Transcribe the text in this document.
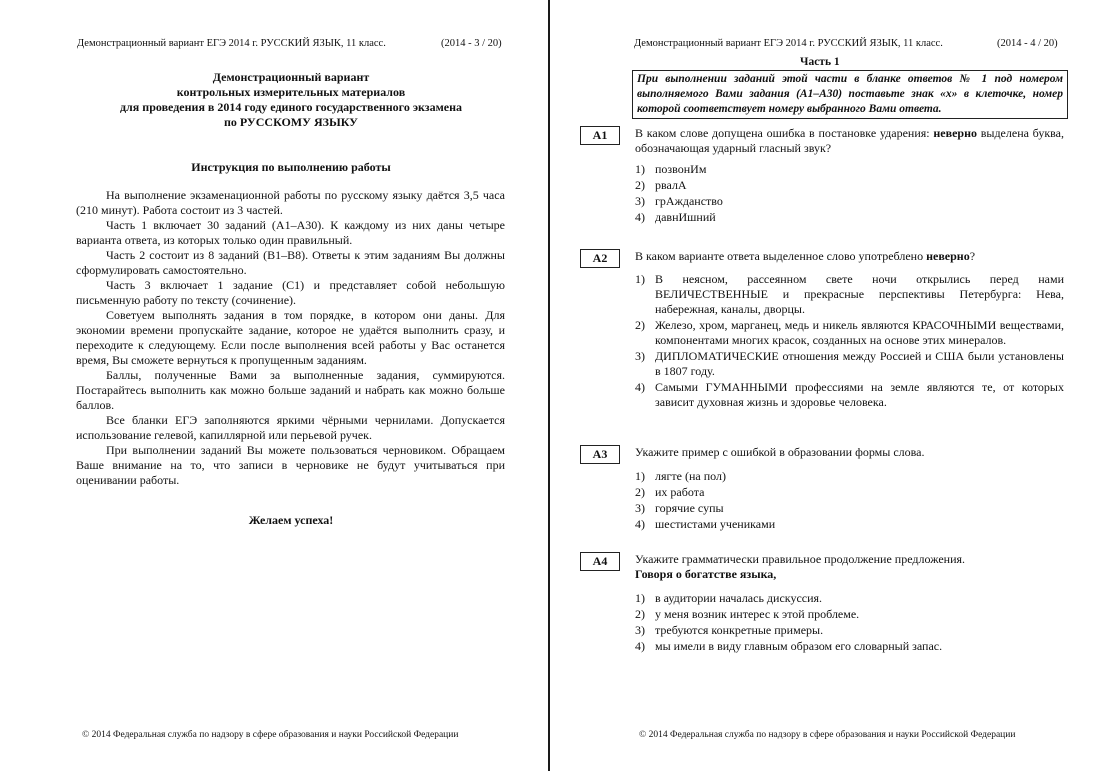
Демонстрационный вариант ЕГЭ 2014 г. РУССКИЙ ЯЗЫК, 11 класс.	(2014 - 3 / 20)
Демонстрационный вариант
контрольных измерительных материалов
для проведения в 2014 году единого государственного экзамена
по РУССКОМУ ЯЗЫКУ
Инструкция по выполнению работы

На выполнение экзаменационной работы по русскому языку даётся 3,5 часа (210 минут). Работа состоит из 3 частей.

Часть 1 включает 30 заданий (А1–А30). К каждому из них даны четыре варианта ответа, из которых только один правильный.

Часть 2 состоит из 8 заданий (В1–В8). Ответы к этим заданиям Вы должны сформулировать самостоятельно.

Часть 3 включает 1 задание (С1) и представляет собой небольшую письменную работу по тексту (сочинение).

Советуем выполнять задания в том порядке, в котором они даны. Для экономии времени пропускайте задание, которое не удаётся выполнить сразу, и переходите к следующему. Если после выполнения всей работы у Вас останется время, Вы сможете вернуться к пропущенным заданиям.

Баллы, полученные Вами за выполненные задания, суммируются. Постарайтесь выполнить как можно больше заданий и набрать как можно больше баллов.

Все бланки ЕГЭ заполняются яркими чёрными чернилами. Допускается использование гелевой, капиллярной или перьевой ручек.

При выполнении заданий Вы можете пользоваться черновиком. Обращаем Ваше внимание на то, что записи в черновике не будут учитываться при оценивании работы.

Желаем успеха!
© 2014 Федеральная служба по надзору в сфере образования и науки Российской Федерации
Демонстрационный вариант ЕГЭ 2014 г. РУССКИЙ ЯЗЫК, 11 класс.	(2014 - 4 / 20)
Часть 1
При выполнении заданий этой части в бланке ответов № 1 под номером выполняемого Вами задания (А1–А30) поставьте знак «х» в клеточке, номер которой соответствует номеру выбранного Вами ответа.
А1	В каком слове допущена ошибка в постановке ударения: неверно выделена буква, обозначающая ударный гласный звук?
1) позвонИм
2) рвалА
3) грАжданство
4) давнИшний
А2	В каком варианте ответа выделенное слово употреблено неверно?
1) В неясном, рассеянном свете ночи открылись перед нами ВЕЛИЧЕСТВЕННЫЕ и прекрасные перспективы Петербурга: Нева, набережная, каналы, дворцы.
2) Железо, хром, марганец, медь и никель являются КРАСОЧНЫМИ веществами, компонентами многих красок, созданных на основе этих минералов.
3) ДИПЛОМАТИЧЕСКИЕ отношения между Россией и США были установлены в 1807 году.
4) Самыми ГУМАННЫМИ профессиями на земле являются те, от которых зависит духовная жизнь и здоровье человека.
А3	Укажите пример с ошибкой в образовании формы слова.
1) лягте (на пол)
2) их работа
3) горячие супы
4) шестистами учениками
А4	Укажите грамматически правильное продолжение предложения.
Говоря о богатстве языка,
1) в аудитории началась дискуссия.
2) у меня возник интерес к этой проблеме.
3) требуются конкретные примеры.
4) мы имели в виду главным образом его словарный запас.
© 2014 Федеральная служба по надзору в сфере образования и науки Российской Федерации
